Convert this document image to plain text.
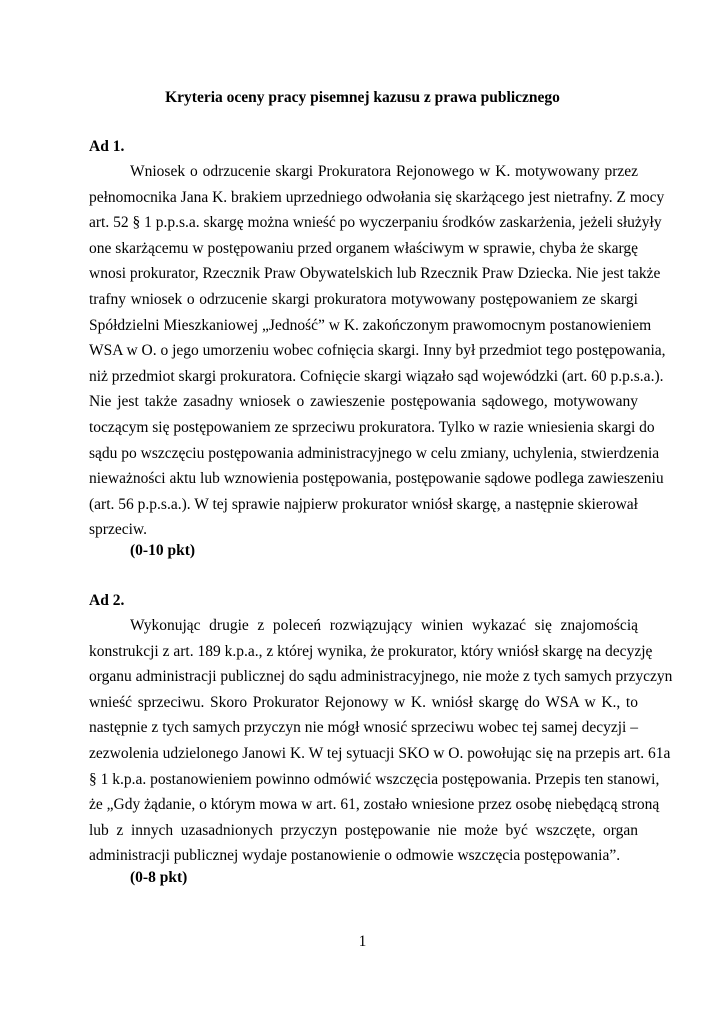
Kryteria oceny pracy pisemnej kazusu z prawa publicznego
Ad 1.
Wniosek o odrzucenie skargi Prokuratora Rejonowego w K. motywowany przez
pełnomocnika Jana K. brakiem uprzedniego odwołania się skarżącego jest nietrafny. Z mocy
art. 52 § 1 p.p.s.a. skargę można wnieść po wyczerpaniu środków zaskarżenia, jeżeli służyły
one skarżącemu w postępowaniu przed organem właściwym w sprawie, chyba że skargę
wnosi prokurator, Rzecznik Praw Obywatelskich lub Rzecznik Praw Dziecka. Nie jest także
trafny wniosek o odrzucenie skargi prokuratora motywowany postępowaniem ze skargi
Spółdzielni Mieszkaniowej „Jedność” w K. zakończonym prawomocnym postanowieniem
WSA w O. o jego umorzeniu wobec cofnięcia skargi. Inny był przedmiot tego postępowania,
niż przedmiot skargi prokuratora. Cofnięcie skargi wiązało sąd wojewódzki (art. 60 p.p.s.a.).
Nie jest także zasadny wniosek o zawieszenie postępowania sądowego, motywowany
toczącym się postępowaniem ze sprzeciwu prokuratora. Tylko w razie wniesienia skargi do
sądu po wszczęciu postępowania administracyjnego w celu zmiany, uchylenia, stwierdzenia
nieważności aktu lub wznowienia postępowania, postępowanie sądowe podlega zawieszeniu
(art. 56 p.p.s.a.). W tej sprawie najpierw prokurator wniósł skargę, a następnie skierował
sprzeciw.
(0-10 pkt)
Ad 2.
Wykonując drugie z poleceń rozwiązujący winien wykazać się znajomością
konstrukcji z art. 189 k.p.a., z której wynika, że prokurator, który wniósł skargę na decyzję
organu administracji publicznej do sądu administracyjnego, nie może z tych samych przyczyn
wnieść sprzeciwu. Skoro Prokurator Rejonowy w K. wniósł skargę do WSA w K., to
następnie z tych samych przyczyn nie mógł wnosić sprzeciwu wobec tej samej decyzji –
zezwolenia udzielonego Janowi K. W tej sytuacji SKO w O. powołując się na przepis art. 61a
§ 1 k.p.a. postanowieniem powinno odmówić wszczęcia postępowania. Przepis ten stanowi,
że „Gdy żądanie, o którym mowa w art. 61, zostało wniesione przez osobę niebędącą stroną
lub z innych uzasadnionych przyczyn postępowanie nie może być wszczęte, organ
administracji publicznej wydaje postanowienie o odmowie wszczęcia postępowania”.
(0-8 pkt)
1
